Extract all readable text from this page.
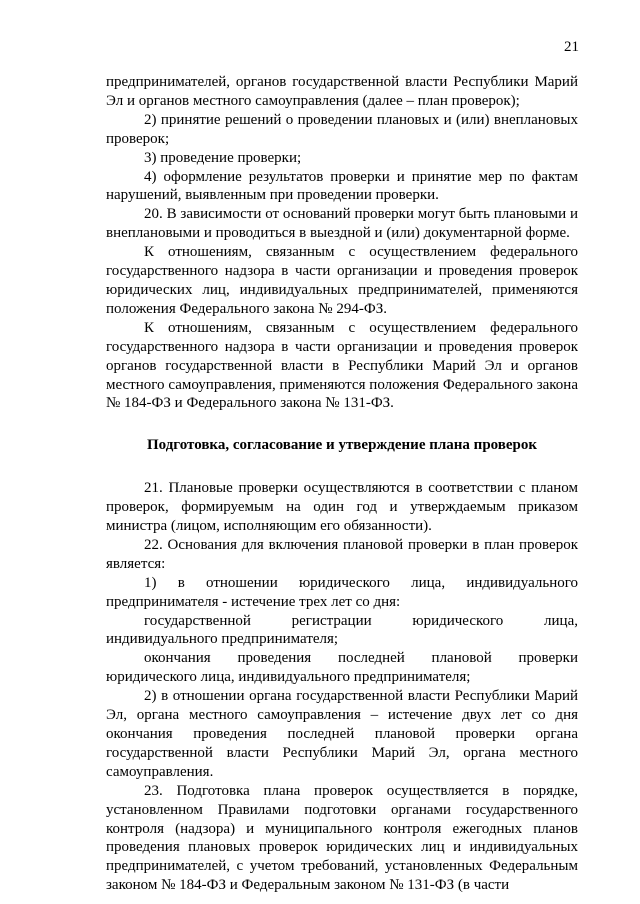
21

предпринимателей, органов государственной власти Республики Марий Эл и органов местного самоуправления (далее – план проверок);

2) принятие решений о проведении плановых и (или) внеплановых проверок;

3) проведение проверки;

4) оформление результатов проверки и принятие мер по фактам нарушений, выявленным при проведении проверки.

20. В зависимости от оснований проверки могут быть плановыми и внеплановыми и проводиться в выездной и (или) документарной форме.

К отношениям, связанным с осуществлением федерального государственного надзора в части организации и проведения проверок юридических лиц, индивидуальных предпринимателей, применяются положения Федерального закона № 294-ФЗ.

К отношениям, связанным с осуществлением федерального государственного надзора в части организации и проведения проверок органов государственной власти в Республики Марий Эл и органов местного самоуправления, применяются положения Федерального закона № 184-ФЗ и Федерального закона № 131-ФЗ.

Подготовка, согласование и утверждение плана проверок

21. Плановые проверки осуществляются в соответствии с планом проверок, формируемым на один год и утверждаемым приказом министра (лицом, исполняющим его обязанности).

22. Основания для включения плановой проверки в план проверок является:

1) в отношении юридического лица, индивидуального предпринимателя - истечение трех лет со дня:

государственной регистрации юридического лица, индивидуального предпринимателя;

окончания проведения последней плановой проверки юридического лица, индивидуального предпринимателя;

2) в отношении органа государственной власти Республики Марий Эл, органа местного самоуправления – истечение двух лет со дня окончания проведения последней плановой проверки органа государственной власти Республики Марий Эл, органа местного самоуправления.

23. Подготовка плана проверок осуществляется в порядке, установленном Правилами подготовки органами государственного контроля (надзора) и муниципального контроля ежегодных планов проведения плановых проверок юридических лиц и индивидуальных предпринимателей, с учетом требований, установленных Федеральным законом № 184-ФЗ и Федеральным законом № 131-ФЗ (в части
